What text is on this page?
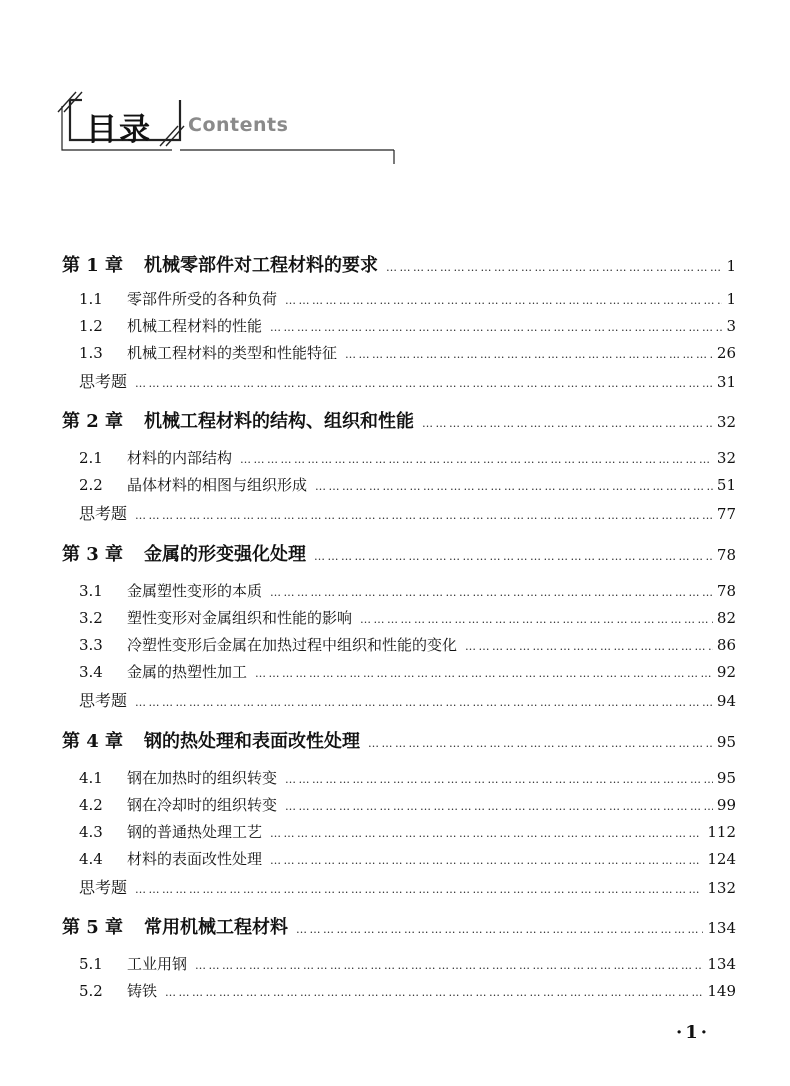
目录 Contents
第 1 章	机械零部件对工程材料的要求 …………………………………………………………………………………………………………………………………………………………………………	1
1.1	零部件所受的各种负荷 …………………………………………………………………………………………………………………………………………………………………………	1
1.2	机械工程材料的性能 …………………………………………………………………………………………………………………………………………………………………………	3
1.3	机械工程材料的类型和性能特征 …………………………………………………………………………………………………………………………………………………………………………	26
思考题 …………………………………………………………………………………………………………………………………………………………………………	31
第 2 章	机械工程材料的结构、组织和性能 …………………………………………………………………………………………………………………………………………………………………………	32
2.1	材料的内部结构 …………………………………………………………………………………………………………………………………………………………………………	32
2.2	晶体材料的相图与组织形成 …………………………………………………………………………………………………………………………………………………………………………	51
思考题 …………………………………………………………………………………………………………………………………………………………………………	77
第 3 章	金属的形变强化处理 …………………………………………………………………………………………………………………………………………………………………………	78
3.1	金属塑性变形的本质 …………………………………………………………………………………………………………………………………………………………………………	78
3.2	塑性变形对金属组织和性能的影响 …………………………………………………………………………………………………………………………………………………………………………	82
3.3	冷塑性变形后金属在加热过程中组织和性能的变化 …………………………………………………………………………………………………………………………………………………………………………	86
3.4	金属的热塑性加工 …………………………………………………………………………………………………………………………………………………………………………	92
思考题 …………………………………………………………………………………………………………………………………………………………………………	94
第 4 章	钢的热处理和表面改性处理 …………………………………………………………………………………………………………………………………………………………………………	95
4.1	钢在加热时的组织转变 …………………………………………………………………………………………………………………………………………………………………………	95
4.2	钢在冷却时的组织转变 …………………………………………………………………………………………………………………………………………………………………………	99
4.3	钢的普通热处理工艺 …………………………………………………………………………………………………………………………………………………………………………	112
4.4	材料的表面改性处理 …………………………………………………………………………………………………………………………………………………………………………	124
思考题 …………………………………………………………………………………………………………………………………………………………………………	132
第 5 章	常用机械工程材料 …………………………………………………………………………………………………………………………………………………………………………	134
5.1	工业用钢 …………………………………………………………………………………………………………………………………………………………………………	134
5.2	铸铁 …………………………………………………………………………………………………………………………………………………………………………	149
·1·
